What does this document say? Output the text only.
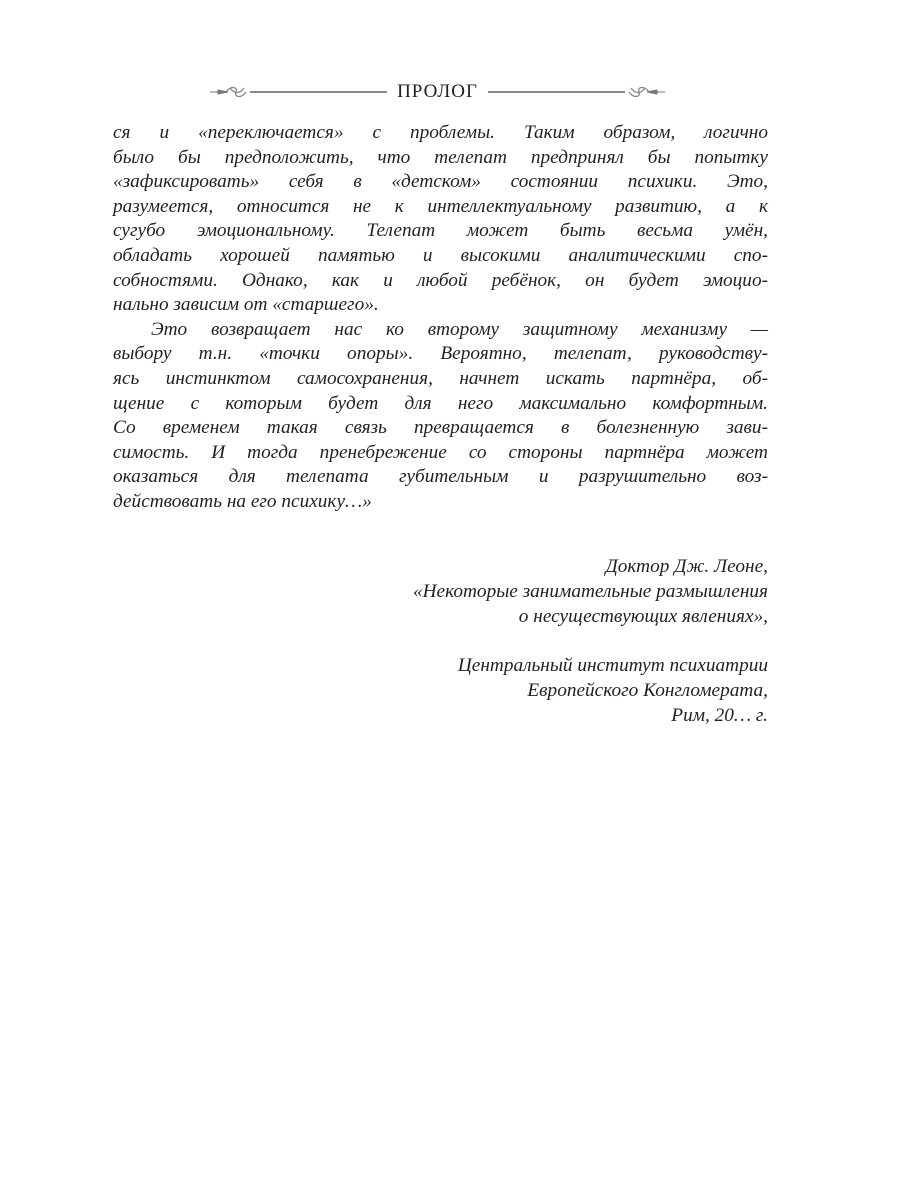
ПРОЛОГ
ся и «переключается» с проблемы. Таким образом, логично
было бы предположить, что телепат предпринял бы попытку
«зафиксировать» себя в «детском» состоянии психики. Это,
разумеется, относится не к интеллектуальному развитию, а к
сугубо эмоциональному. Телепат может быть весьма умён,
обладать хорошей памятью и высокими аналитическими спо-
собностями. Однако, как и любой ребёнок, он будет эмоцио-
нально зависим от «старшего».
Это возвращает нас ко второму защитному механизму —
выбору т.н. «точки опоры». Вероятно, телепат, руководству-
ясь инстинктом самосохранения, начнет искать партнёра, об-
щение с которым будет для него максимально комфортным.
Со временем такая связь превращается в болезненную зави-
симость. И тогда пренебрежение со стороны партнёра может
оказаться для телепата губительным и разрушительно воз-
действовать на его психику…»
Доктор Дж. Леоне,
«Некоторые занимательные размышления
о несуществующих явлениях»,
Центральный институт психиатрии
Европейского Конгломерата,
Рим, 20… г.
